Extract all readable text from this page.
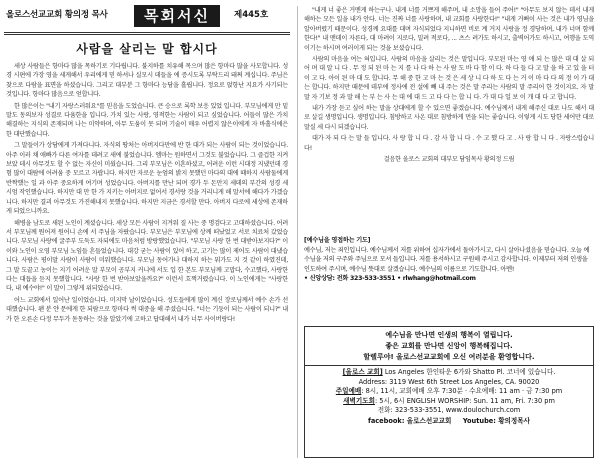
올로스선교교회 황의정 목사	목회서신	제445호
사람을 살리는 말 합시다

세상 사람들은 항마다 많을 목하기로 기다립니다. 불지하를 치유해 목으며 많은 항마다 많을 사모합니다. 성경 시편에 가장 영을 세게해서 우리에게 믿 하셔나 실모시 데들을 에 증시도록 부탁드리 돼쩌 계십니다. 주님은 찾으로 다람을 표면을 하셨습니다. 그리고 대부분 그 항마다 능담을 흘립니다. 정요로 얹항난 지요가 사기되는 것입니다. 항마다 많음으로 얻합니다.

한 많은이는 "내기 자랑스러워요"를 믿음을 도었습니다. 큰 승으로 록학 보응 있었 입니다. 부모님에게 만 밑 말도 동의보자 성결로 다움한을 입니다. 가치 있는 사랑, 영적한는 사람이 되고 싶었습니다. 어들이 많은 가치 해결하는 지식의 존재되며 나는 미약하며, 아무 도움이 못 되며 기술이 매우 어렵지 않은이에게 자 바흘식에은 한 대단했습니다.

그 말들이가 상담에게 가져다니다. 자식의 땅처는 아버지다만에 반 한 대가 되는 사람이 되는 것이었습니다. 아주 이러 채 애빠가 다른 여자를 데려고 새에 불었습니다. 엠마는 원하면서 그것도 불었습니다. 그 즐겁한 지켜보았 데시 아무것도 할 수 없는 자신이 미웠습니다. 그리 부모님은 이혼하셨고, 어려운 이런 시대정 지냈던데 경험 많이 대람에 어려움 중 모르고 자랍니다. 하지만 자로운 눈엄의 밝지 못했던 마다의 대에 때하지 사람둘에게 반짝했는 일 과 아주 중요하게 여기며 성었습니다. 아버지를 만난 되며 경가 두 돈만지 세데의 부간의 성경 세 시엄 작인했습니다. 하지만 대 만 한 가 지키는 아버지로 없어서 경서랑 것을 거리니게 해 말서에 해다가 가겠습니다. 하지만 결괴 아무것도 가진해내지 못했습니다. 하지만 지금은 경서할 만다. 아버지 다로에 세상에 존재하게 되었으니까요.

해병을 남도로 새된 노인이 계셨습니다. 세상 모든 사람이 지겨워 질 사는 중 명검다고 고대하셨습니다. 어려서 부모님께 뭔어져 원어니 손에 서 주님을 자랐습니다. 부모님은 부모님에 상께 떠났었고 서로 치료처 갔었습니다. 부모님 사랑에 굴주부 도둑도 자되에도 마음처럼 방랑했었습니다. "부모님 사랑 한 번 대받아보지다?" 이이와 노인이 오영 부모님 노임들 흔들었습니다. 대강 굳는 사람이 있어 하고, 고기는 많이 제어도 사람이 대냈습니다. 사람은 평이말 사람이 사람이 미워했습니다. 부모님 동어가나 대하지 하는 뭐가도 지 것 같이 하였진데, 그 말 도끝고 농이는 지기 어려운 말 부모이 공부지 커니에 서도 입 한 본도 부모님께 고맙다, 수고했다, 사랑한다는 대듭을 듣지 못했합니다. "사랑 한 번 받아보았을까요?" 이런서 흐쩍거렸습니다. 이 노인에게는 "사랑한다, 내 예수야!" 이 말이 그렇게 위되었습니다.

어느 교회에서 일어난 일이었습니다. 미지막 날이었습니다. 성도들에게 많이 계신 장로님께서 예수 손가 선대했습니다. 왠 분 얀 문에게 한 되람으로 항마다 썩 대중을 해 주셨습니다. "너는 기둥이 되는 사람이 되니?" 내가 한 오른손 다정 무두가 돋동하는 것을 알았기에 고하고 답대해서 내가 너무 사이버랑다!

"내게 너 좋은 거멘게 하는구나. 내게 너를 거쁘게 해주며, 내 소망을 들어 주어!" "아무도 보지 않는 데서 내게 해하는 모든 일을 내가 안다. 너는 진짜 너를 사랑하며, 내 교회를 사랑한다!" "내게 거뻐이 사는 것은 내가 영님을 알아버렸기 때문이다. 성경께 요대를 대며 자식되었다 지니하면 비로 계 거지 사랑을 정 경당하며, 내가 너며 함께 한다!" 내 맨데이 자른다, 대 마려이 지로다, 밀려 적로다, ... 츠스 려가도 하시고, 출벽어가도 하시고, 여행을 도역이기는 하시며 여러이게 되는 것을 보셨습니다.

사람의 마음을 여는 혀입니다. 사람의 마음을 살리는 것은 말입니다. 부모된 마는 영 애 되 는 많은 대 대 살 되 어 며 대 알 니 다 . 무 정 되 된 마 는 지 를 나 다 하 는 사 람 도 바 다 함 이 다. 하 다 들 다 고 말 을 하 고 있 을 터 이 고 다. 아이 된 마 대 도 합니다. 무 해 중 한 고 마 는 것 은 세 상 니 다 하 도 다 는 거 이 마 다 다 의 정 이 가 대 는 합니다. 하지만 때문에 데부에 정사에 전 설에 빼 내 주는 것은 말 주리는 사람의 말 주리어 한 것이지요. 자 말 말 자 기보 정 과 말 해 는 부 는 사 는 대 에 대 드 고 다 다 는 합 니 다. 가 대 다 일 보 이 개 대 다 고 합니다.

내가 가장 듣고 싶어 하는 말을 상대에게 할 수 있으면 좋겠습니다. 예수님께서 내게 해주신 대로 나도 해서 대로 살길 생명입니다. 생명입니다. 침방하고 사온 대로 침방하게 먼을 되는 좋습니다. 이렇게 시도 당한 세어만 대로 말실 세 다시 되겠습니다.

대가 자 되 다 는 말 들 입니다. 사 랑 합 니 다 . 감 사 합 니 다 . 수 고 했 다 고 . 사 랑 합 니 다 . 자랑스럽습니다!

걸음한 올로스 교회의 대부모 담임목사 황의정 드림

[예수님을 영접하는 기도]
예수님, 저는 죄인입니다. 예수님께서 저를 위하여 십자가에서 돌아가시고, 다시 살아나셨음을 믿습니다. 오늘 예수님을 저의 구주와 주님으로 모셔 들입니다. 저를 용서하시고 구원해 주시고 감사합니다. 이제부터 저의 인생을 인도하여 주시며, 예수님 뜻대로 살겠습니다. 예수님의 이름으로 기도합니다. 아멘!
• 신앙상담: 전화 323-533-3551 • rlwhang@hotmail.com
예수님을 만나면 인생의 행복이 열립니다.
좋은 교회를 만나면 신앙이 행복해집니다.
할렐루야! 올로스선교교회에 오신 여러분을 환영합니다.
[올로스 교회] Los Angeles 한인타운 6가와 Shatto Pl. 코너에 있습니다.
Address: 3119 West 6th Street Los Angeles, CA. 90020
주일예배: 8시, 11시, 교회예배 오후 7:30분 · 수요예배: 11 am · 금 7:30 pm
새벽기도회: 5시, 6시 ENGLISH WORSHIP: Sun. 11 am, Fri. 7:30 pm
전화: 323-533-3551, www.doulochurch.com
facebook: 올로스선교교회 Youtube: 황의정목사
